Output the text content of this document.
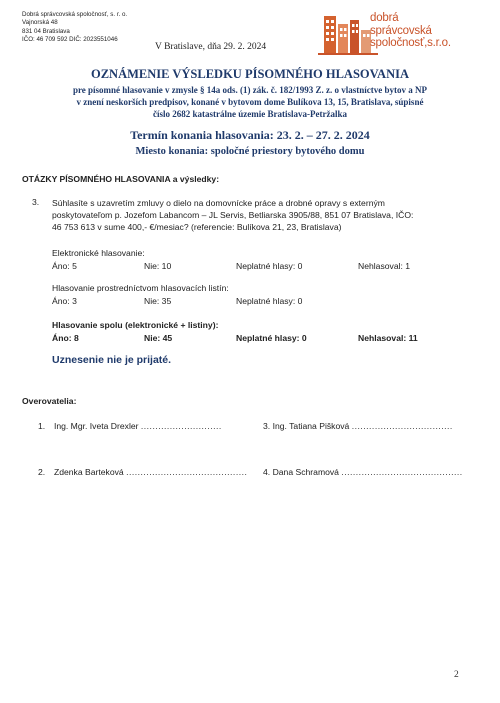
Dobrá správcovská spoločnosť, s. r. o.
Vajnorská 48
831 04 Bratislava
IČO: 46 709 592 DIČ: 2023551046
V Bratislave, dňa 29. 2. 2024
dobrá
správcovská
spoločnosť,s.r.o.
OZNÁMENIE VÝSLEDKU PÍSOMNÉHO HLASOVANIA
pre písomné hlasovanie v zmysle § 14a ods. (1) zák. č. 182/1993 Z. z. o vlastníctve bytov a NP
v znení neskorších predpisov, konané v bytovom dome Bulíkova 13, 15, Bratislava, súpisné
číslo 2682 katastrálne územie Bratislava-Petržalka
Termín konania hlasovania: 23. 2. – 27. 2. 2024
Miesto konania: spoločné priestory bytového domu
OTÁZKY PÍSOMNÉHO HLASOVANIA a výsledky:
3. Súhlasíte s uzavretím zmluvy o dielo na domovnícke práce a drobné opravy s externým
poskytovateľom p. Jozefom Labancom – JL Servis, Betliarska 3905/88, 851 07 Bratislava, IČO:
46 753 613 v sume 400,- €/mesiac? (referencie: Bulíkova 21, 23, Bratislava)
Elektronické hlasovanie:
Áno: 5	Nie: 10	Neplatné hlasy: 0	Nehlasoval: 1
Hlasovanie prostredníctvom hlasovacích listín:
Áno: 3	Nie: 35	Neplatné hlasy: 0
Hlasovanie spolu (elektronické + listiny):
Áno: 8	Nie: 45	Neplatné hlasy: 0	Nehlasoval: 11
Uznesenie nie je prijaté.
Overovatelia:
1. Ing. Mgr. Iveta Drexler ............................	3. Ing. Tatiana Pišková ...................................
2. Zdenka Barteková .......................................... 4. Dana Schramová ..........................................
2
